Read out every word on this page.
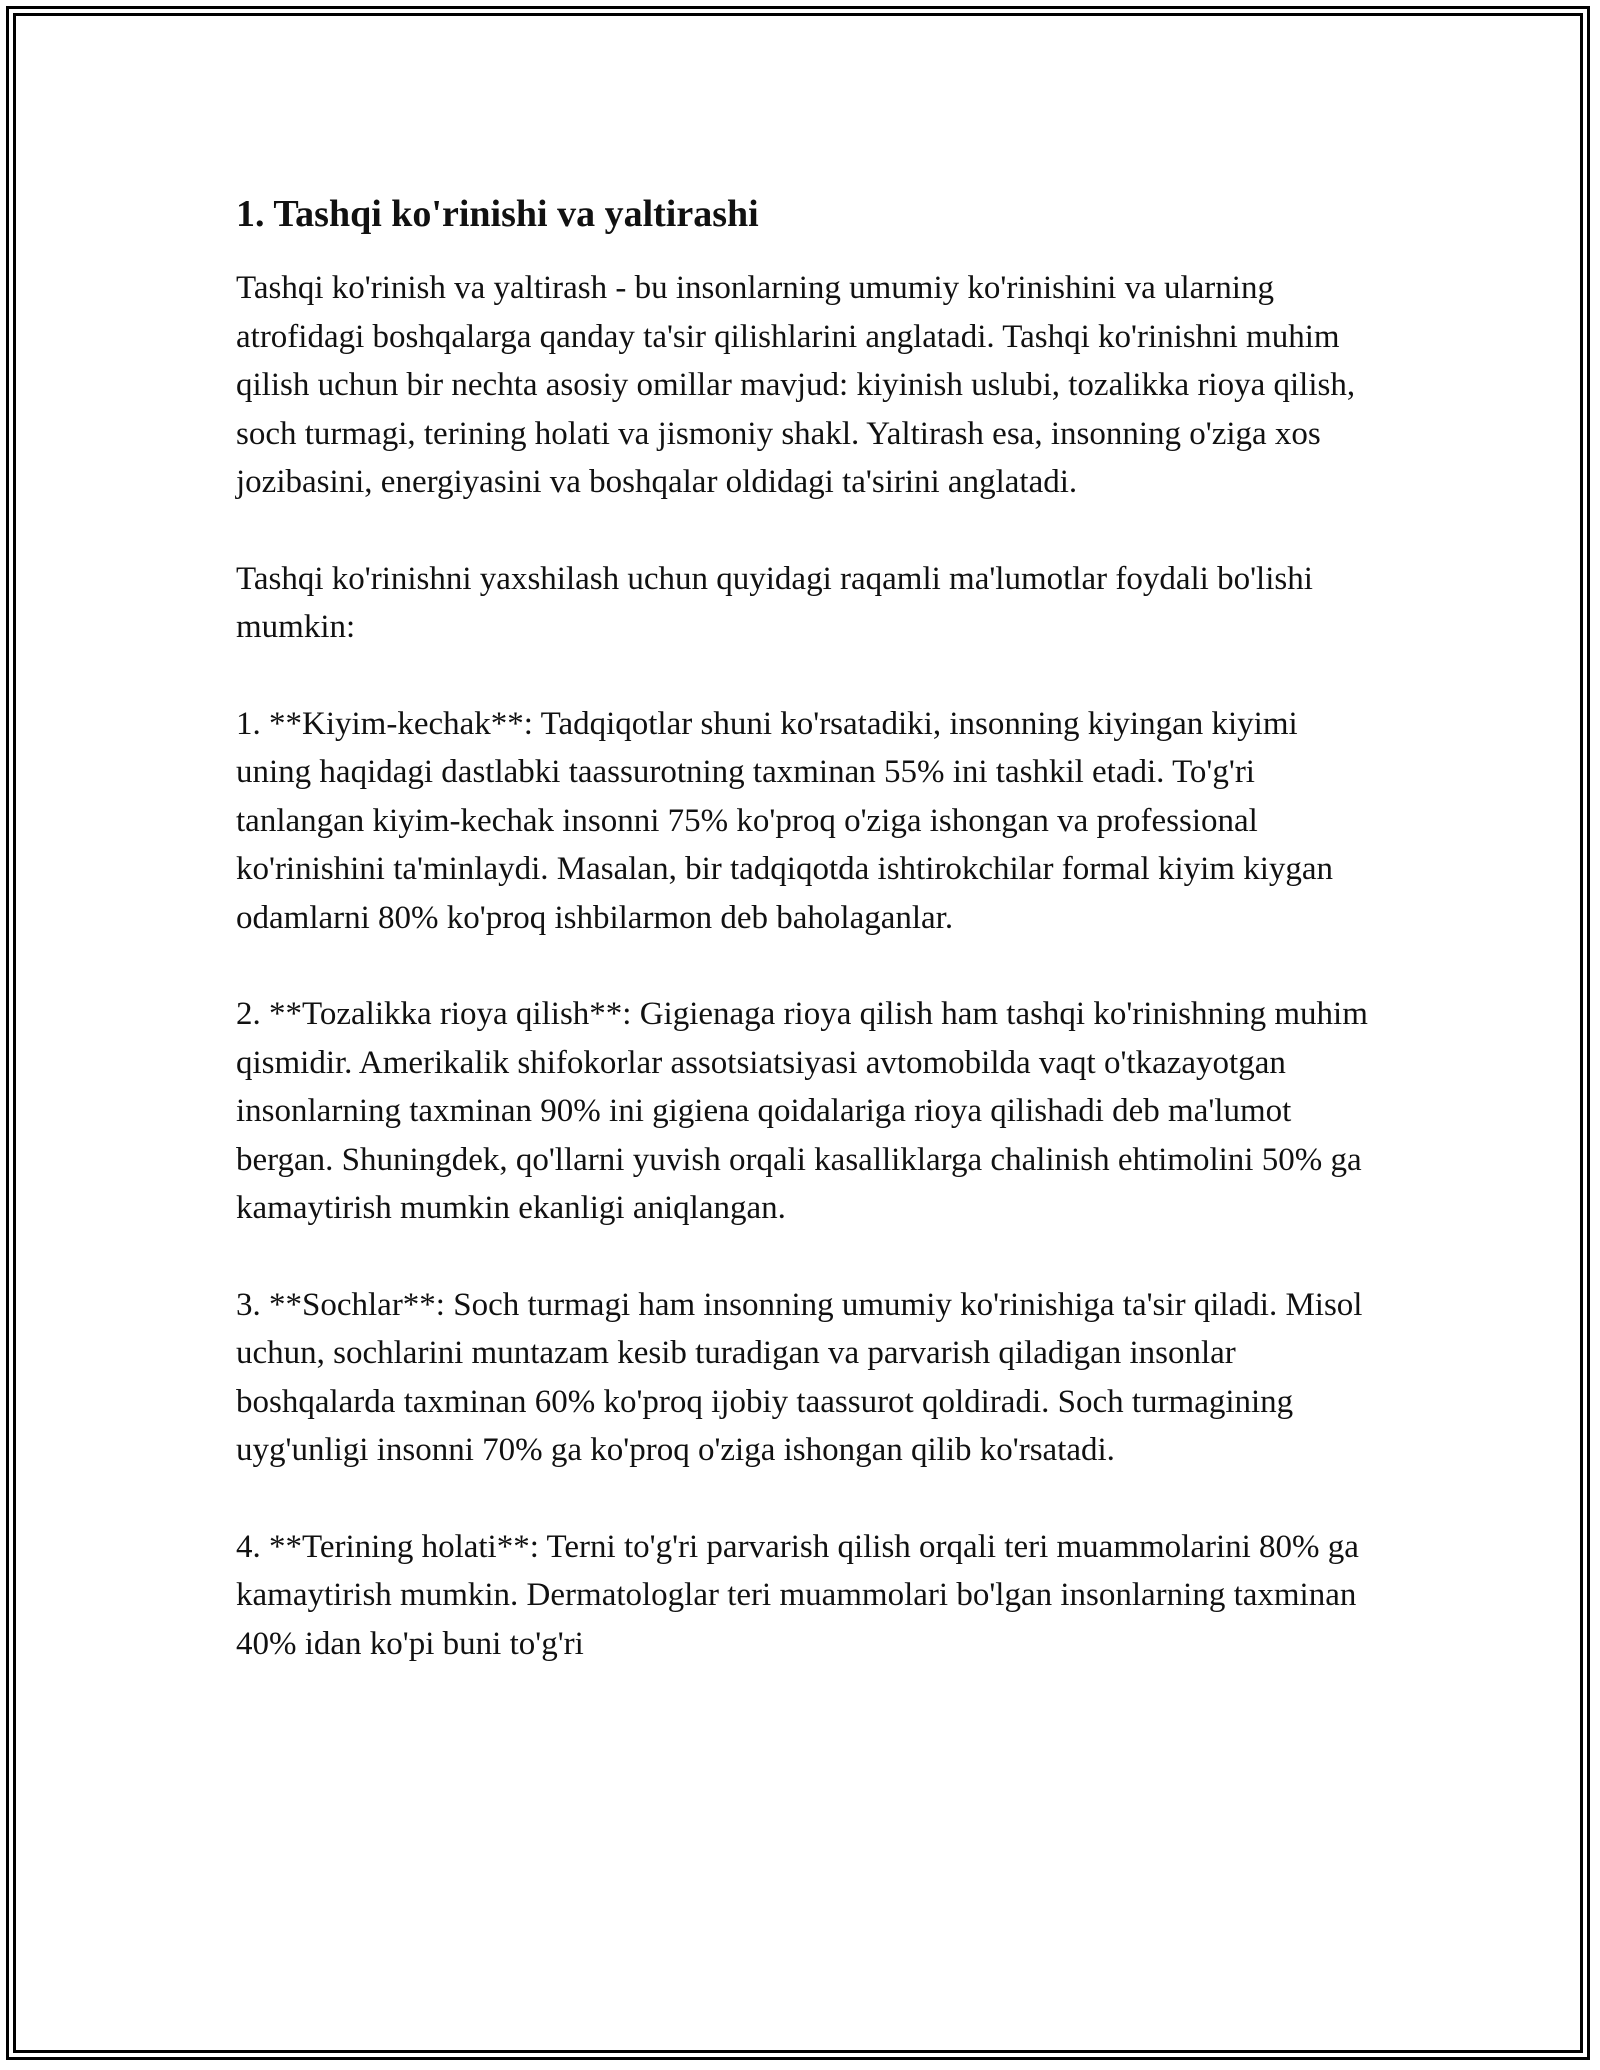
1. Tashqi ko'rinishi va yaltirashi

Tashqi ko'rinish va yaltirash - bu insonlarning umumiy ko'rinishini va ularning atrofidagi boshqalarga qanday ta'sir qilishlarini anglatadi. Tashqi ko'rinishni muhim qilish uchun bir nechta asosiy omillar mavjud: kiyinish uslubi, tozalikka rioya qilish, soch turmagi, terining holati va jismoniy shakl. Yaltirash esa, insonning o'ziga xos jozibasini, energiyasini va boshqalar oldidagi ta'sirini anglatadi.

Tashqi ko'rinishni yaxshilash uchun quyidagi raqamli ma'lumotlar foydali bo'lishi mumkin:

1. **Kiyim-kechak**: Tadqiqotlar shuni ko'rsatadiki, insonning kiyingan kiyimi uning haqidagi dastlabki taassurotning taxminan 55% ini tashkil etadi. To'g'ri tanlangan kiyim-kechak insonni 75% ko'proq o'ziga ishongan va professional ko'rinishini ta'minlaydi. Masalan, bir tadqiqotda ishtirokchilar formal kiyim kiygan odamlarni 80% ko'proq ishbilarmon deb baholaganlar.

2. **Tozalikka rioya qilish**: Gigienaga rioya qilish ham tashqi ko'rinishning muhim qismidir. Amerikalik shifokorlar assotsiatsiyasi avtomobilda vaqt o'tkazayotgan insonlarning taxminan 90% ini gigiena qoidalariga rioya qilishadi deb ma'lumot bergan. Shuningdek, qo'llarni yuvish orqali kasalliklarga chalinish ehtimolini 50% ga kamaytirish mumkin ekanligi aniqlangan.

3. **Sochlar**: Soch turmagi ham insonning umumiy ko'rinishiga ta'sir qiladi. Misol uchun, sochlarini muntazam kesib turadigan va parvarish qiladigan insonlar boshqalarda taxminan 60% ko'proq ijobiy taassurot qoldiradi. Soch turmagining uyg'unligi insonni 70% ga ko'proq o'ziga ishongan qilib ko'rsatadi.

4. **Terining holati**: Terni to'g'ri parvarish qilish orqali teri muammolarini 80% ga kamaytirish mumkin. Dermatologlar teri muammolari bo'lgan insonlarning taxminan 40% idan ko'pi buni to'g'ri
